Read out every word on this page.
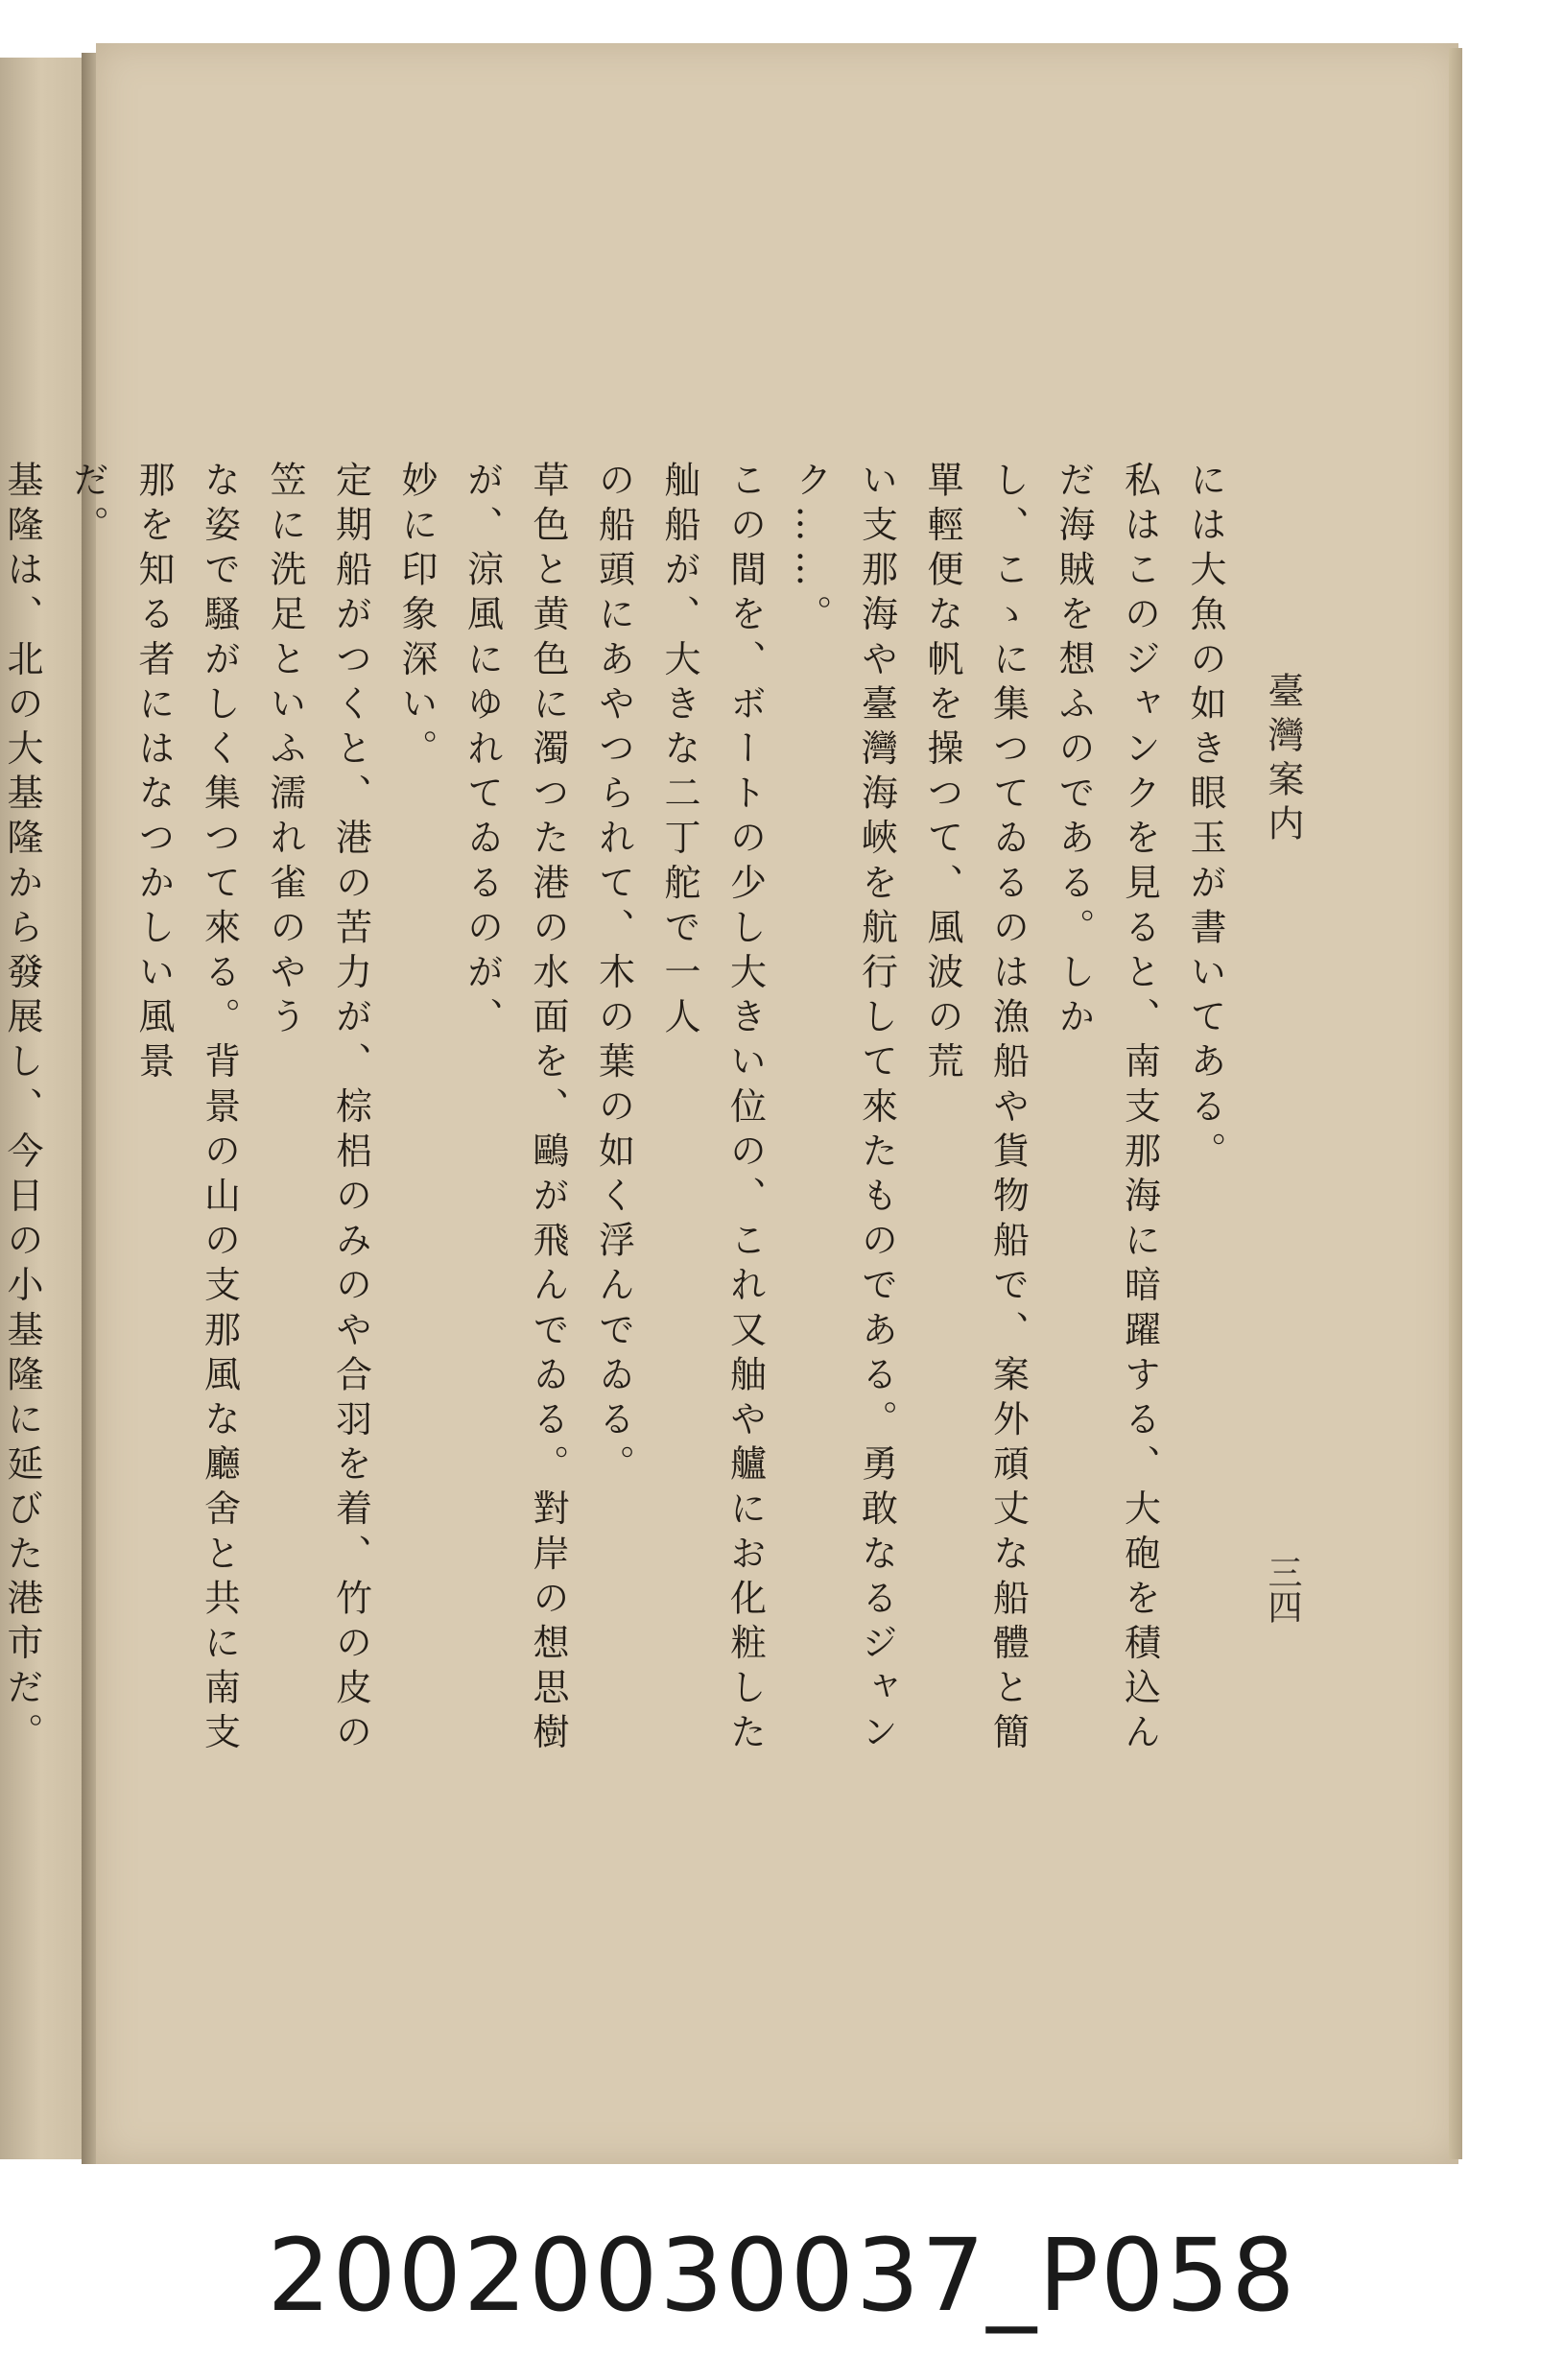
臺灣案内
三四

には大魚の如き眼玉が書いてある。

私はこのジャンクを見ると、南支那海に暗躍する、大砲を積込んだ海賊を想ふのである。しか

し、こゝに集つてゐるのは漁船や貨物船で、案外頑丈な船體と簡單輕便な帆を操つて、風波の荒

い支那海や臺灣海峽を航行して來たものである。勇敢なるジャンク……。

この間を、ボートの少し大きい位の、これ又舳や艫にお化粧した舢船が、大きな二丁舵で一人

の船頭にあやつられて、木の葉の如く浮んでゐる。

草色と黄色に濁つた港の水面を、鷗が飛んでゐる。對岸の想思樹が、涼風にゆれてゐるのが、

妙に印象深い。

定期船がつくと、港の苦力が、棕梠のみのや合羽を着、竹の皮の笠に洗足といふ濡れ雀のやう

な姿で騷がしく集つて來る。背景の山の支那風な廳舍と共に南支那を知る者にはなつかしい風景

だ。

基隆は、北の大基隆から發展し、今日の小基隆に延びた港市だ。

20020030037_P058
